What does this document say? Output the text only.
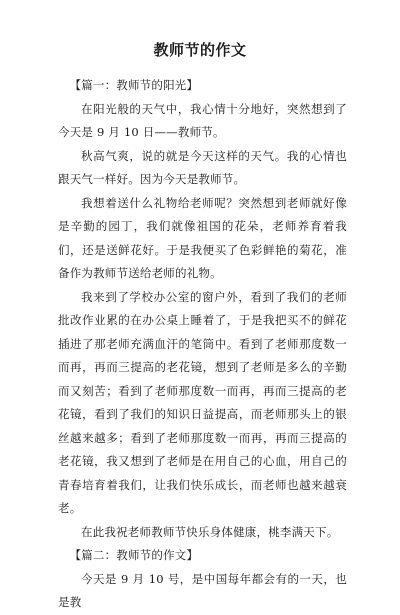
教师节的作文

【篇一：教师节的阳光】

在阳光般的天气中，我心情十分地好，突然想到了今天是 9 月 10 日——教师节。

秋高气爽，说的就是今天这样的天气。我的心情也跟天气一样好。因为今天是教师节。

我想着送什么礼物给老师呢？突然想到老师就好像是辛勤的园丁，我们就像祖国的花朵，老师养育着我们，还是送鲜花好。于是我便买了色彩鲜艳的菊花，准备作为教师节送给老师的礼物。

我来到了学校办公室的窗户外，看到了我们的老师批改作业累的在办公桌上睡着了，于是我把买不的鲜花插进了那老师充满血汗的笔筒中。看到了老师那度数一而再，再而三提高的老花镜，想到了老师是多么的辛勤而又刻苦；看到了老师那度数一而再，再而三提高的老花镜，看到了我们的知识日益提高，而老师那头上的银丝越来越多；看到了老师那度数一而再，再而三提高的老花镜，我又想到了老师是在用自己的心血，用自己的青春培育着我们，让我们快乐成长，而老师也越来越衰老。

在此我祝老师教师节快乐身体健康，桃李满天下。

【篇二：教师节的作文】

今天是 9 月 10 号，是中国每年都会有的一天，也是教
